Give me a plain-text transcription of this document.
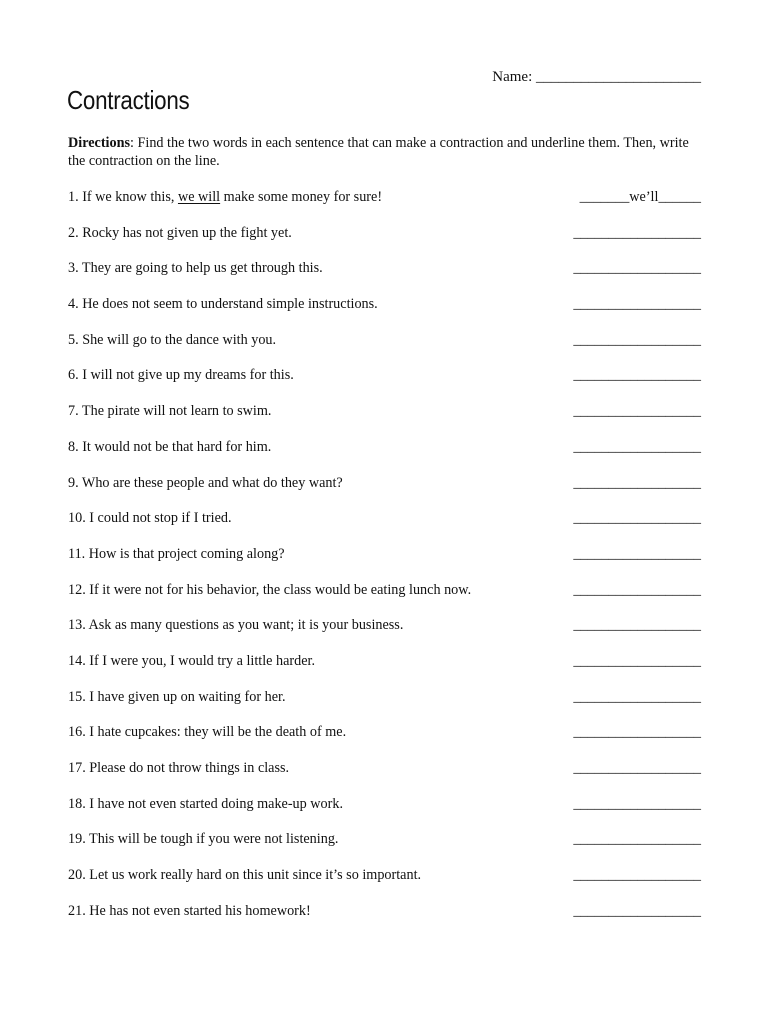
Name: ______________________
Contractions
Directions: Find the two words in each sentence that can make a contraction and underline them. Then, write the contraction on the line.
1. If we know this, we will make some money for sure!	_______we’ll______
2. Rocky has not given up the fight yet.	__________________
3. They are going to help us get through this.	__________________
4. He does not seem to understand simple instructions.	__________________
5. She will go to the dance with you.	__________________
6. I will not give up my dreams for this.	__________________
7. The pirate will not learn to swim.	__________________
8. It would not be that hard for him.	__________________
9. Who are these people and what do they want?	__________________
10. I could not stop if I tried.	__________________
11. How is that project coming along?	__________________
12. If it were not for his behavior, the class would be eating lunch now.	__________________
13. Ask as many questions as you want; it is your business.	__________________
14. If I were you, I would try a little harder.	__________________
15. I have given up on waiting for her.	__________________
16. I hate cupcakes: they will be the death of me.	__________________
17. Please do not throw things in class.	__________________
18. I have not even started doing make-up work.	__________________
19. This will be tough if you were not listening.	__________________
20. Let us work really hard on this unit since it’s so important.	__________________
21. He has not even started his homework!	__________________
